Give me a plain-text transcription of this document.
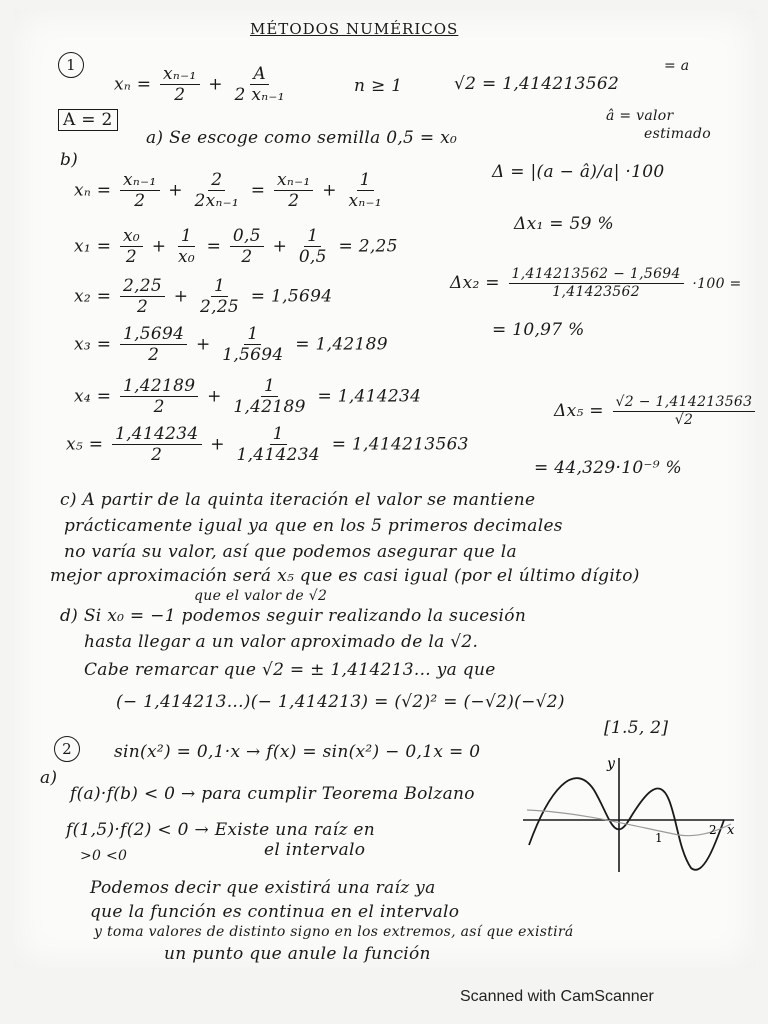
MÉTODOS NUMÉRICOS
1
$x_n = \frac{\text{xₙ₋₁}}{2} + \frac{A}{\text{2 xₙ₋₁}}$	n ≥ 1	√2 = 1,414213562
= a
A = 2
a) Se escoge como semilla 0,5 = x₀
â = valor
estimado
b)
$x_n = \frac{\text{xₙ₋₁}}{2} + \frac{2}{\text{2xₙ₋₁}} = \frac{\text{xₙ₋₁}}{2} + \frac{1}{\text{xₙ₋₁}}$	Δ = |(a − â)/a| ·100
$x_1 = \frac{\text{x₀}}{2} + \frac{1}{\text{x₀}} = \frac{0,5}{2} + \frac{1}{0,5} = 2,25$
Δx₁ = 59 %
$x_2 = \frac{2,25}{2} + \frac{1}{2,25} = 1,5694$
$\Delta x_2 = \frac{1,414213562 - 1,5694}{1,41423562} \cdot 100$ =
= 10,97 %
$x_3 = \frac{1,5694}{2} + \frac{1}{1,5694} = 1,42189$
$x_4 = \frac{1,42189}{2} + \frac{1}{1,42189} = 1,414234$
$x_5 = \frac{1,414234}{2} + \frac{1}{1,414234} = 1,414213563$
$\Delta x_5 = \frac{√2 - 1,414213563}{√2}$
= 44,329·10⁻⁹ %
c) A partir de la quinta iteración el valor se mantiene
prácticamente igual ya que en los 5 primeros decimales
no varía su valor, así que podemos asegurar que la
mejor aproximación será x₅ que es casi igual (por el último dígito)
que el valor de √2
d) Si x₀ = −1 podemos seguir realizando la sucesión
hasta llegar a un valor aproximado de la √2.
Cabe remarcar que √2 = ± 1,414213... ya que
(− 1,414213...)(− 1,414213) = (√2)² = (−√2)(−√2)
2	sin(x²) = 0,1·x → f(x) = sin(x²) − 0,1x = 0
[1.5, 2]
a)
f(a)·f(b) < 0 → para cumplir Teorema Bolzano
f(1,5)·f(2) < 0 → Existe una raíz en
el intervalo
>0 <0
Podemos decir que existirá una raíz ya
que la función es continua en el intervalo
y toma valores de distinto signo en los extremos, así que existirá
un punto que anule la función
y
x
1
2
Scanned with CamScanner
